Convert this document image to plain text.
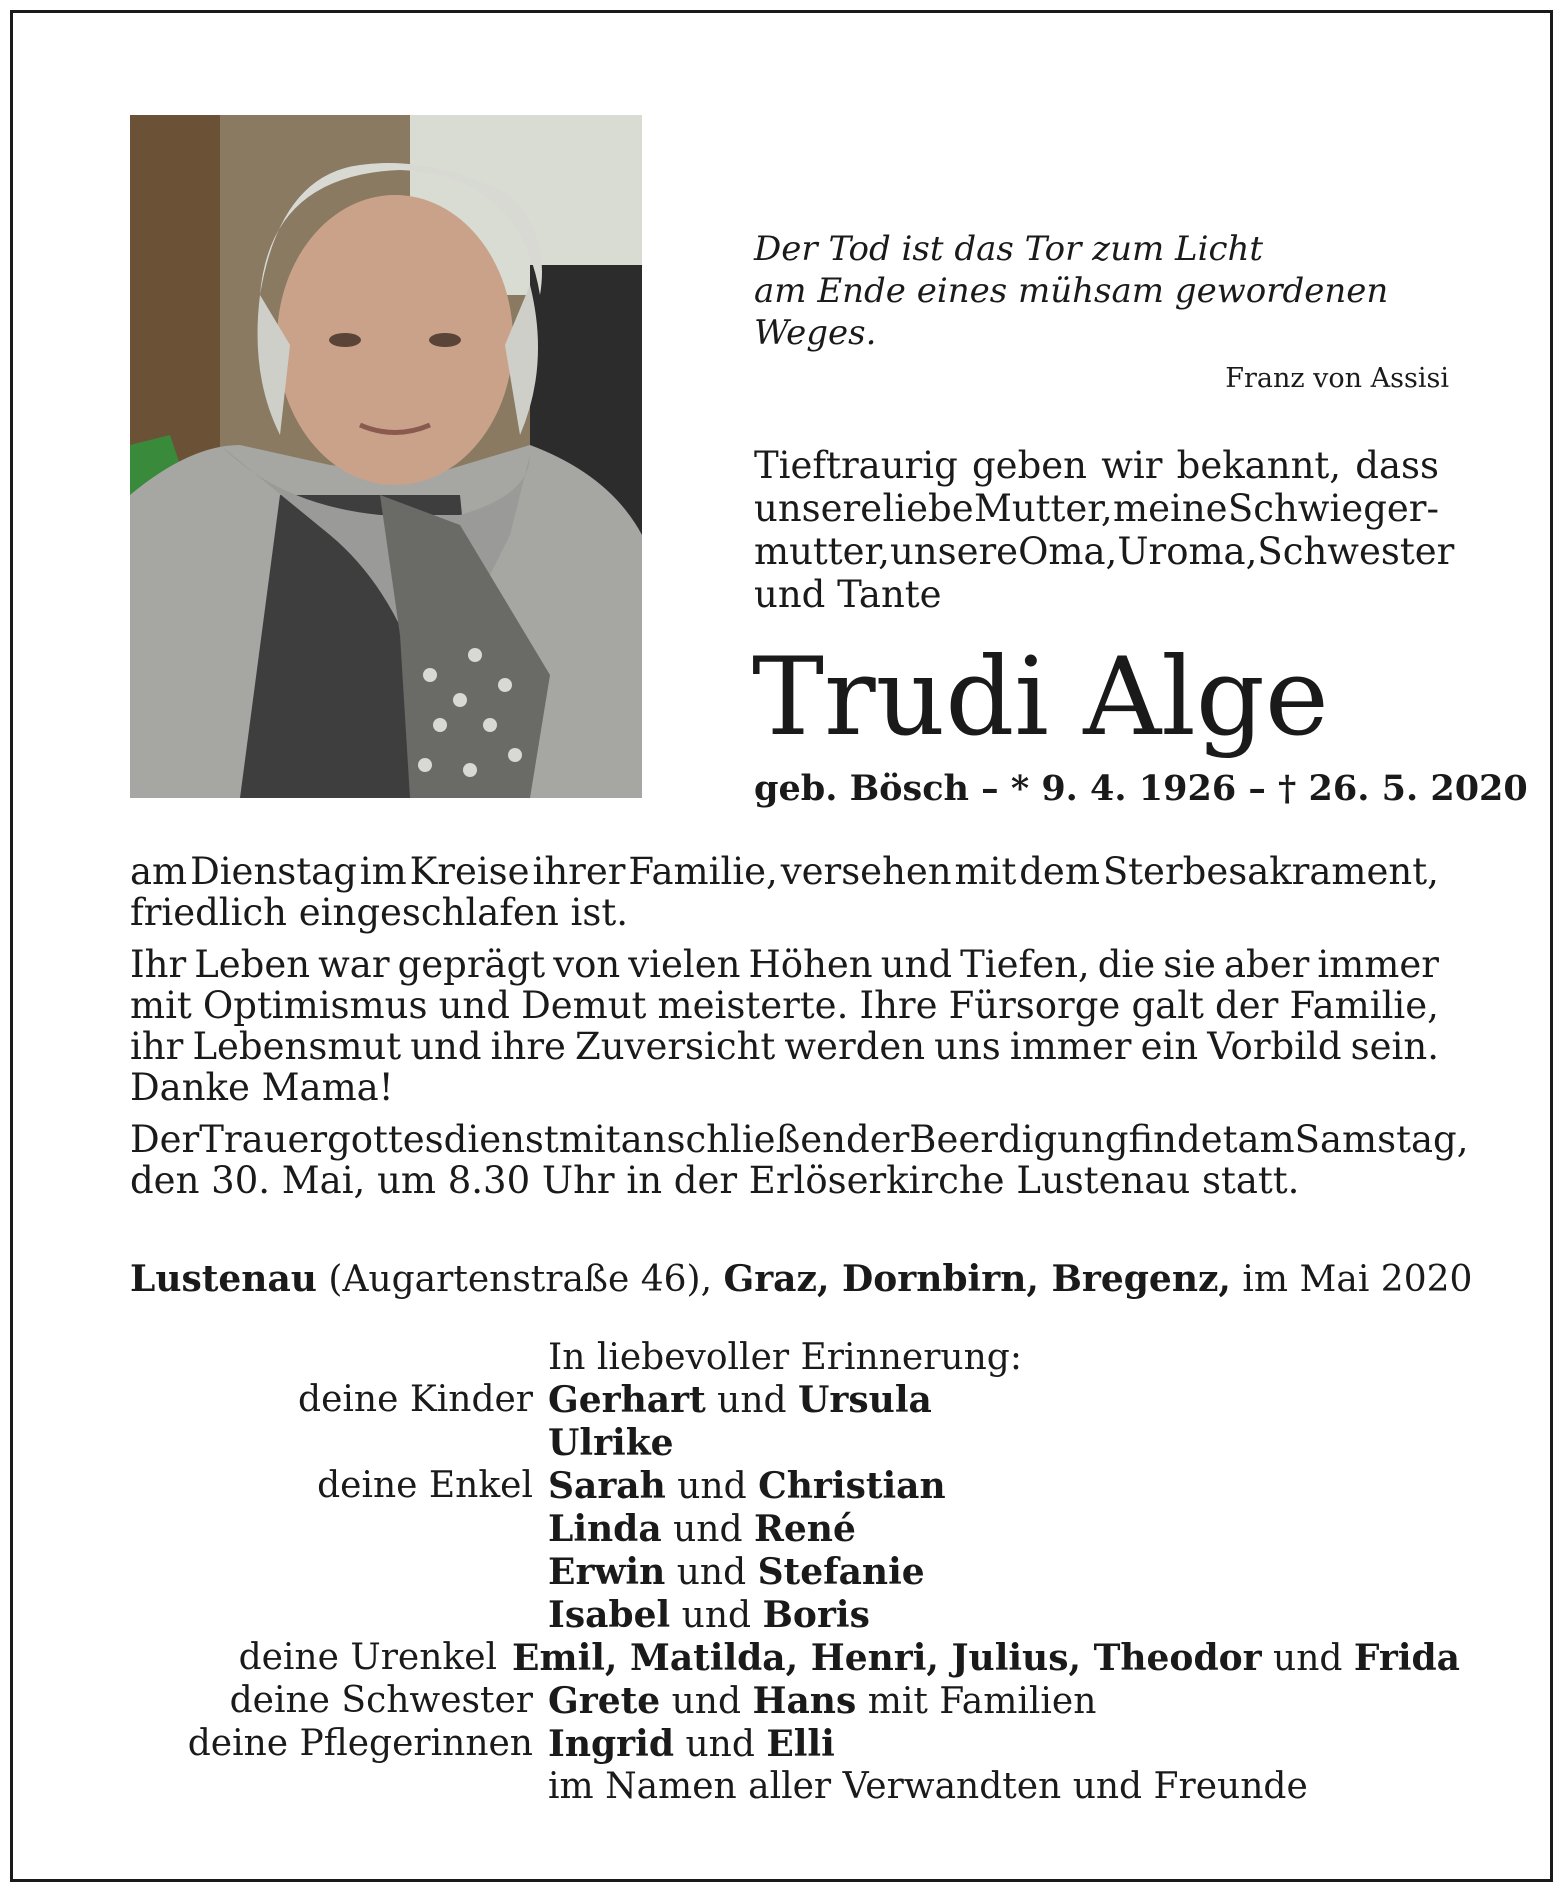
Der Tod ist das Tor zum Licht
am Ende eines mühsam gewordenen Weges.
Franz von Assisi
Tieftraurig geben wir bekannt, dass
unsere liebe Mutter, meine Schwieger-
mutter, unsere Oma, Uroma, Schwester
und Tante
Trudi Alge
geb. Bösch – * 9. 4. 1926 – † 26. 5. 2020
am Dienstag im Kreise ihrer Familie, versehen mit dem Sterbesakrament,
friedlich eingeschlafen ist.
Ihr Leben war geprägt von vielen Höhen und Tiefen, die sie aber immer
mit Optimismus und Demut meisterte. Ihre Fürsorge galt der Familie,
ihr Lebensmut und ihre Zuversicht werden uns immer ein Vorbild sein.
Danke Mama!
Der Trauergottesdienst mit anschließender Beerdigung findet am Samstag,
den 30. Mai, um 8.30 Uhr in der Erlöserkirche Lustenau statt.
Lustenau (Augartenstraße 46), Graz, Dornbirn, Bregenz, im Mai 2020
In liebevoller Erinnerung:
deine Kinder Gerhart und Ursula
Ulrike
deine Enkel Sarah und Christian
Linda und René
Erwin und Stefanie
Isabel und Boris
deine Urenkel Emil, Matilda, Henri, Julius, Theodor und Frida
deine Schwester Grete und Hans mit Familien
deine Pflegerinnen Ingrid und Elli
im Namen aller Verwandten und Freunde
